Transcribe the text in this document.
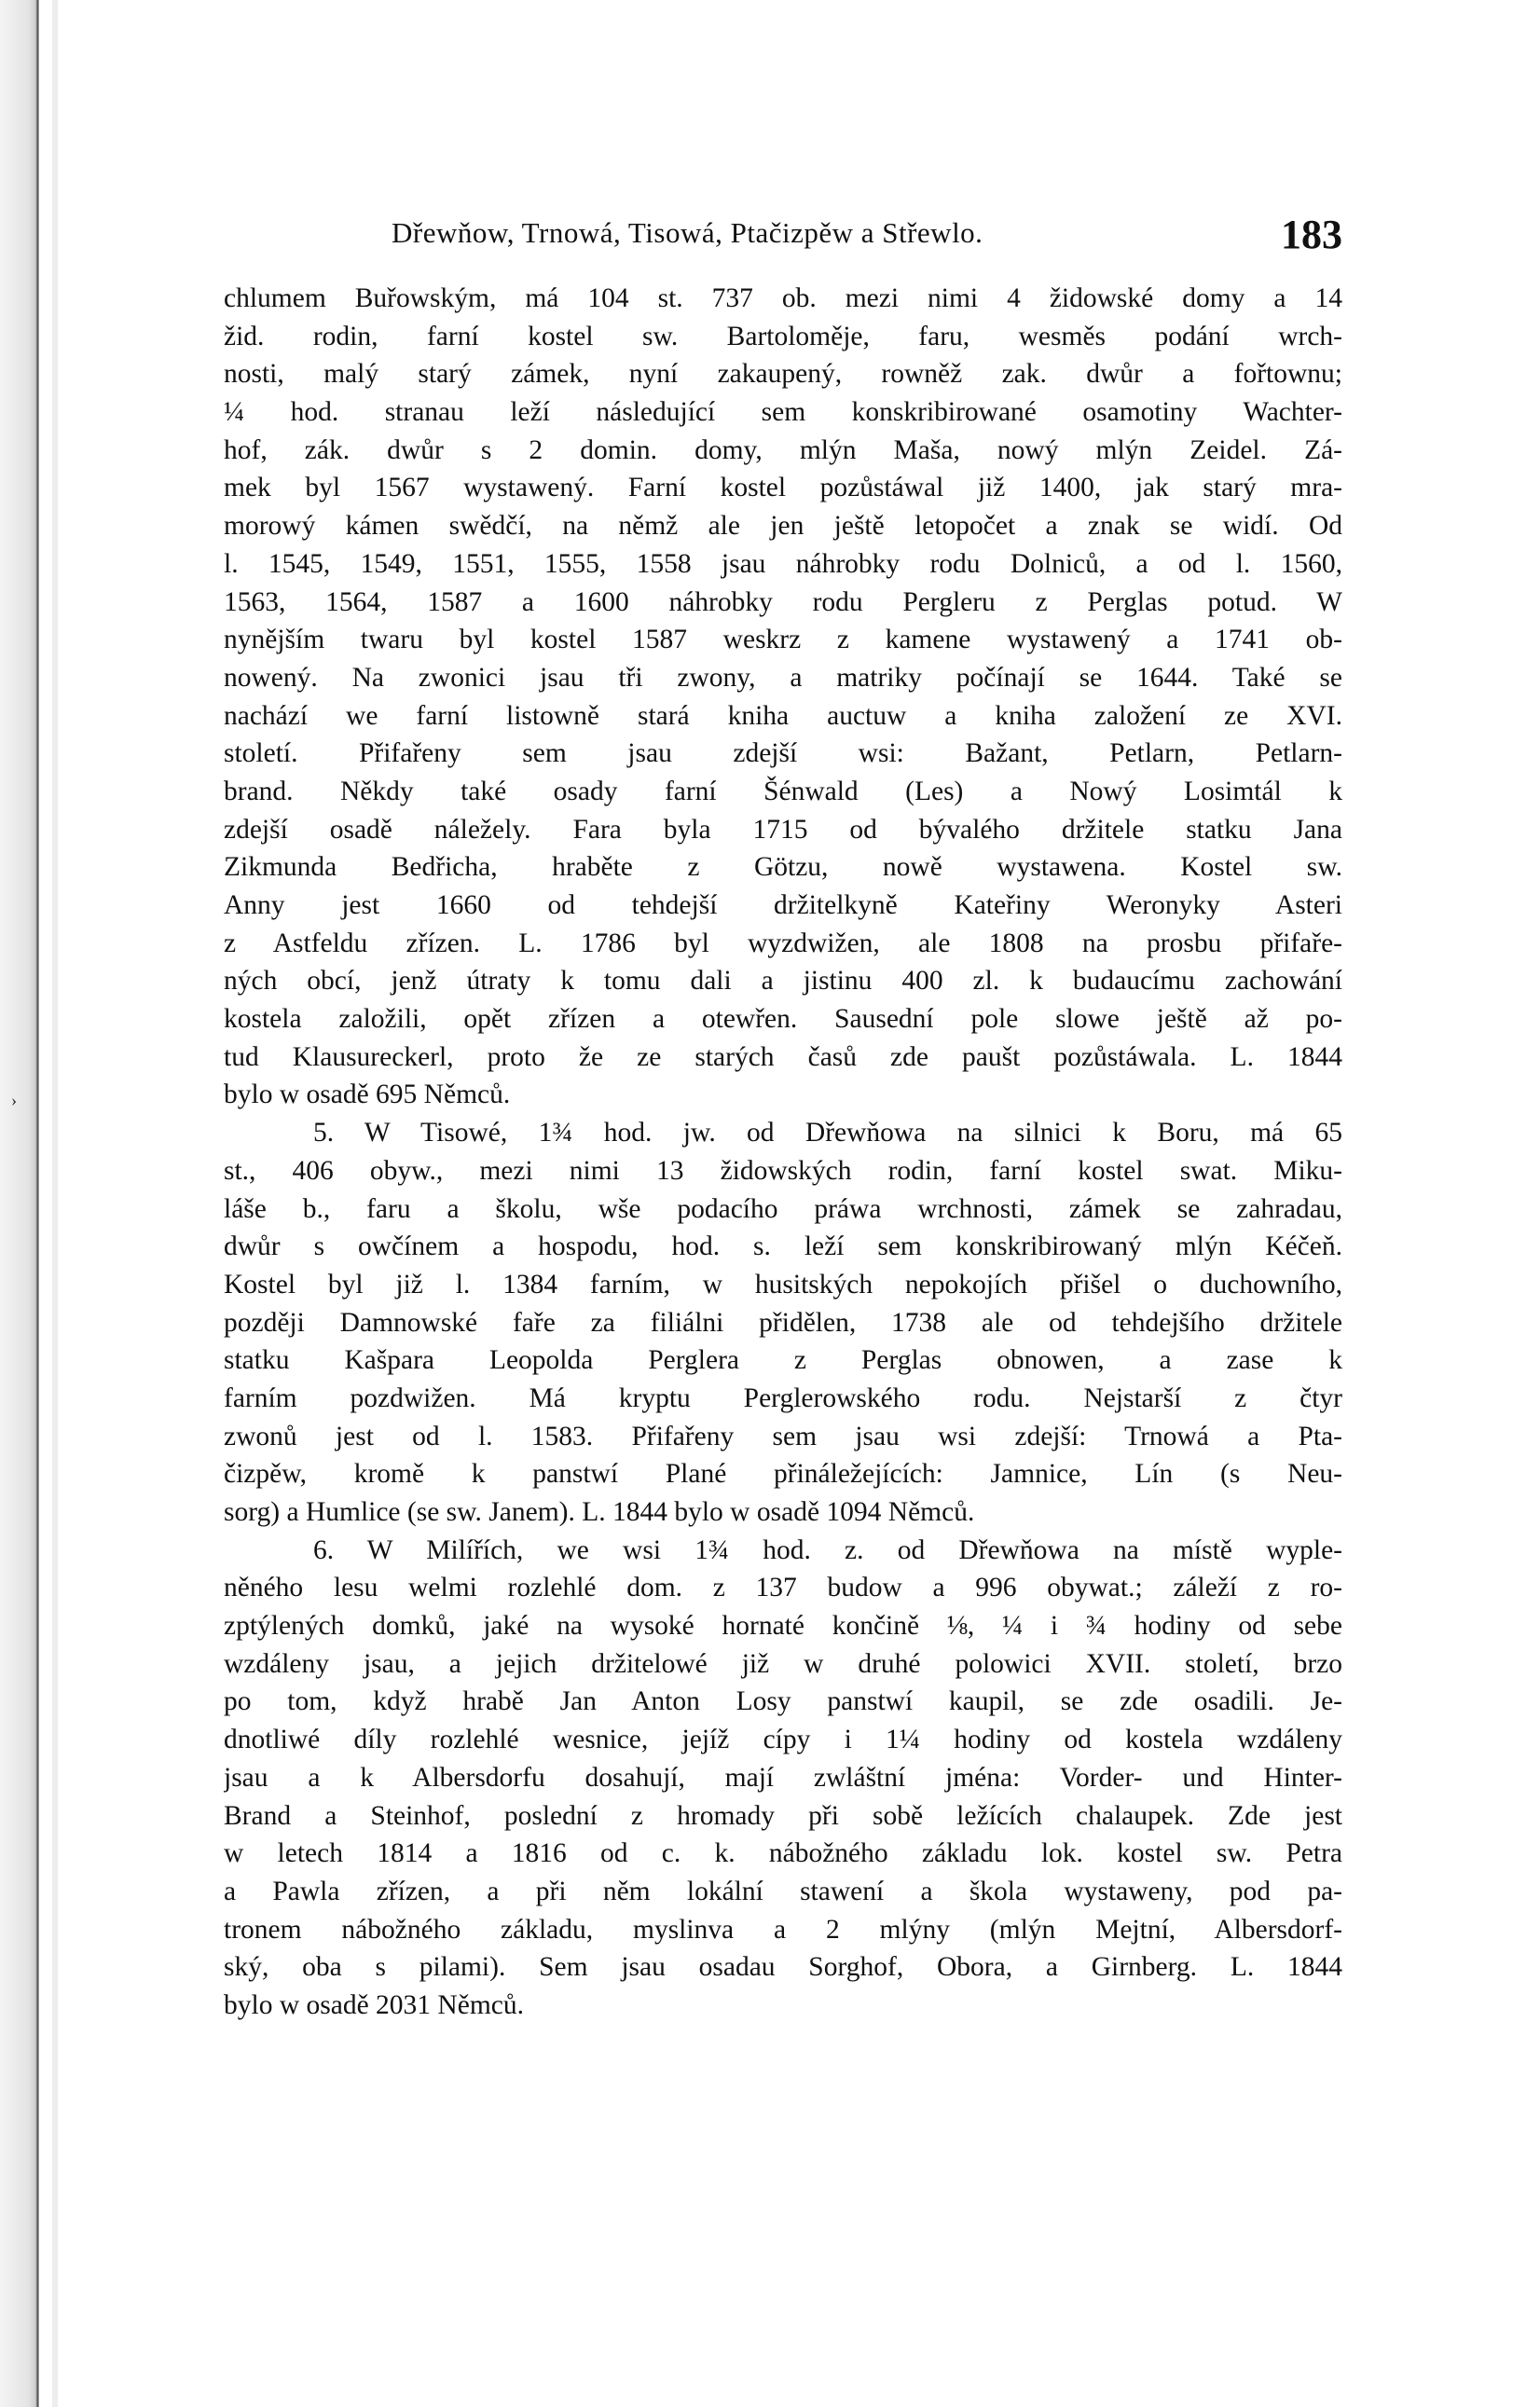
›
Dřewňow, Trnowá, Tisowá, Ptačizpěw a Střewlo.	183
chlumem Buřowským, má 104 st. 737 ob. mezi nimi 4 židowské domy a 14
žid. rodin, farní kostel sw. Bartoloměje, faru, wesměs podání wrch-
nosti, malý starý zámek, nyní zakaupený, rowněž zak. dwůr a fořtownu;
¼ hod. stranau leží následující sem konskribirowané osamotiny Wachter-
hof, zák. dwůr s 2 domin. domy, mlýn Maša, nowý mlýn Zeidel. Zá-
mek byl 1567 wystawený. Farní kostel pozůstáwal již 1400, jak starý mra-
morowý kámen swědčí, na němž ale jen ještě letopočet a znak se widí. Od
l. 1545, 1549, 1551, 1555, 1558 jsau náhrobky rodu Dolniců, a od l. 1560,
1563, 1564, 1587 a 1600 náhrobky rodu Pergleru z Perglas potud. W
nynějším twaru byl kostel 1587 weskrz z kamene wystawený a 1741 ob-
nowený. Na zwonici jsau tři zwony, a matriky počínají se 1644. Také se
nachází we farní listowně stará kniha auctuw a kniha založení ze XVI.
století. Přifařeny sem jsau zdejší wsi: Bažant, Petlarn, Petlarn-
brand. Někdy také osady farní Šénwald (Les) a Nowý Losimtál k
zdejší osadě náležely. Fara byla 1715 od bývalého držitele statku Jana
Zikmunda Bedřicha, hraběte z Götzu, nowě wystawena. Kostel sw.
Anny jest 1660 od tehdejší držitelkyně Kateřiny Weronyky Asteri
z Astfeldu zřízen. L. 1786 byl wyzdwižen, ale 1808 na prosbu přifaře-
ných obcí, jenž útraty k tomu dali a jistinu 400 zl. k budaucímu zachowání
kostela založili, opět zřízen a otewřen. Sausední pole slowe ještě až po-
tud Klausureckerl, proto že ze starých časů zde paušt pozůstáwala. L. 1844
bylo w osadě 695 Němců.
5. W Tisowé, 1¾ hod. jw. od Dřewňowa na silnici k Boru, má 65
st., 406 obyw., mezi nimi 13 židowských rodin, farní kostel swat. Miku-
láše b., faru a školu, wše podacího práwa wrchnosti, zámek se zahradau,
dwůr s owčínem a hospodu, hod. s. leží sem konskribirowaný mlýn Kéčeň.
Kostel byl již l. 1384 farním, w husitských nepokojích přišel o duchowního,
později Damnowské faře za filiálni přidělen, 1738 ale od tehdejšího držitele
statku Kašpara Leopolda Perglera z Perglas obnowen, a zase k
farním pozdwižen. Má kryptu Perglerowského rodu. Nejstarší z čtyr
zwonů jest od l. 1583. Přifařeny sem jsau wsi zdejší: Trnowá a Pta-
čizpěw, kromě k panstwí Plané přináležejících: Jamnice, Lín (s Neu-
sorg) a Humlice (se sw. Janem). L. 1844 bylo w osadě 1094 Němců.
6. W Milířích, we wsi 1¾ hod. z. od Dřewňowa na místě wyple-
něného lesu welmi rozlehlé dom. z 137 budow a 996 obywat.; záleží z ro-
zptýlených domků, jaké na wysoké hornaté končině ⅛, ¼ i ¾ hodiny od sebe
wzdáleny jsau, a jejich držitelowé již w druhé polowici XVII. století, brzo
po tom, když hrabě Jan Anton Losy panstwí kaupil, se zde osadili. Je-
dnotliwé díly rozlehlé wesnice, jejíž cípy i 1¼ hodiny od kostela wzdáleny
jsau a k Albersdorfu dosahují, mají zwláštní jména: Vorder- und Hinter-
Brand a Steinhof, poslední z hromady při sobě ležících chalaupek. Zde jest
w letech 1814 a 1816 od c. k. nábožného základu lok. kostel sw. Petra
a Pawla zřízen, a při něm lokální stawení a škola wystaweny, pod pa-
tronem nábožného základu, myslinva a 2 mlýny (mlýn Mejtní, Albersdorf-
ský, oba s pilami). Sem jsau osadau Sorghof, Obora, a Girnberg. L. 1844
bylo w osadě 2031 Němců.
